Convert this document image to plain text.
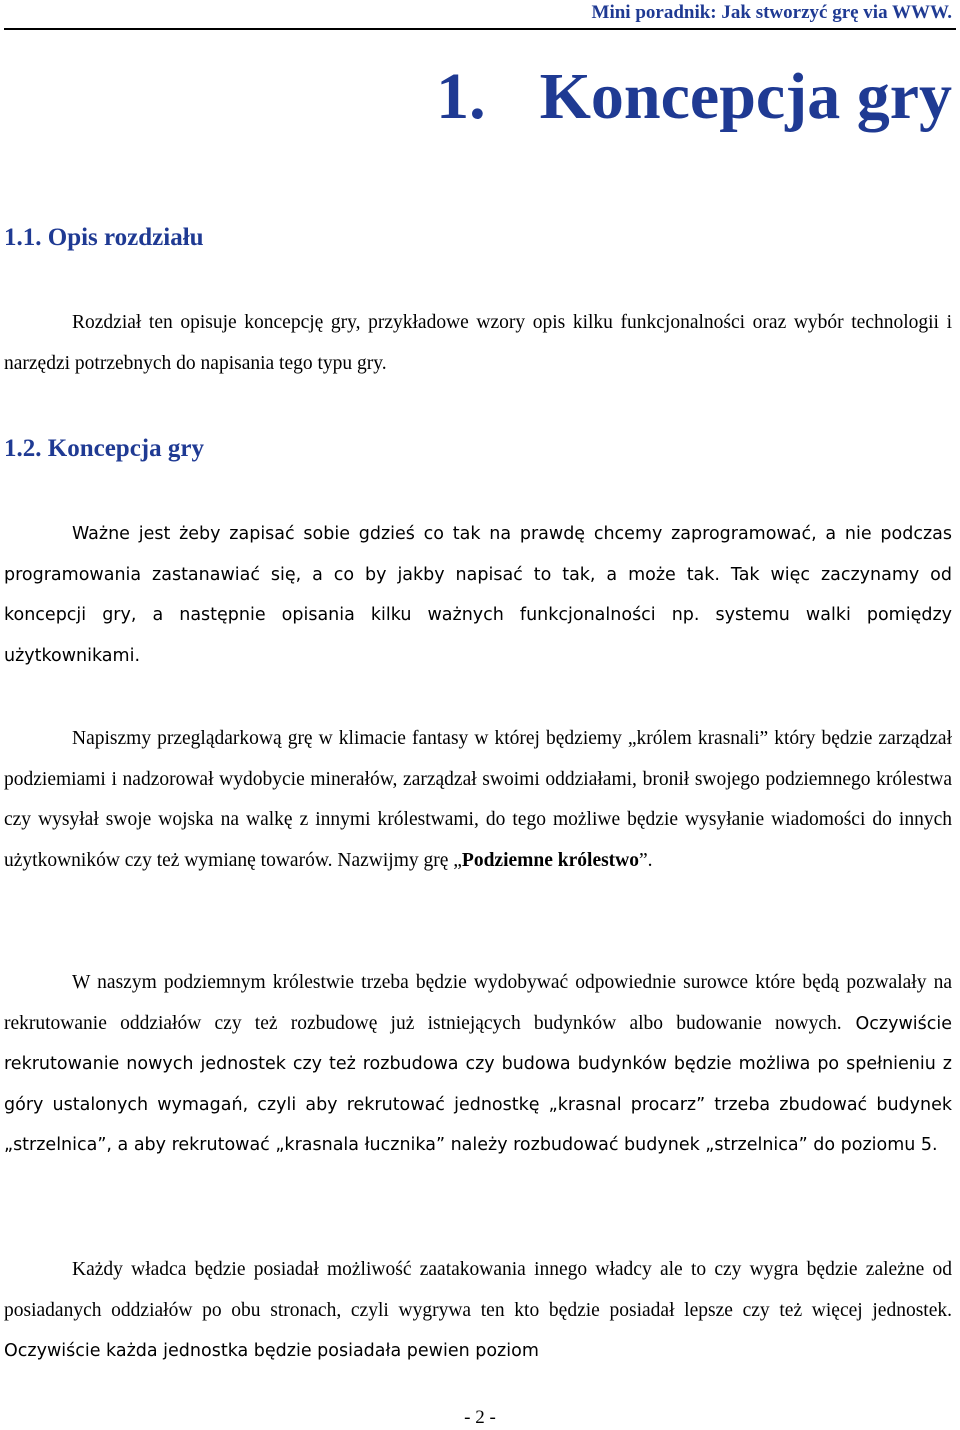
Mini poradnik: Jak stworzyć grę via WWW.
1. Koncepcja gry
1.1. Opis rozdziału

Rozdział ten opisuje koncepcję gry, przykładowe wzory opis kilku funkcjonalności oraz wybór technologii i narzędzi potrzebnych do napisania tego typu gry.

1.2. Koncepcja gry

Ważne jest żeby zapisać sobie gdzieś co tak na prawdę chcemy zaprogramować, a nie podczas programowania zastanawiać się, a co by jakby napisać to tak, a może tak. Tak więc zaczynamy od koncepcji gry, a następnie opisania kilku ważnych funkcjonalności np. systemu walki pomiędzy użytkownikami.

Napiszmy przeglądarkową grę w klimacie fantasy w której będziemy „królem krasnali” który będzie zarządzał podziemiami i nadzorował wydobycie minerałów, zarządzał swoimi oddziałami, bronił swojego podziemnego królestwa czy wysyłał swoje wojska na walkę z innymi królestwami, do tego możliwe będzie wysyłanie wiadomości do innych użytkowników czy też wymianę towarów. Nazwijmy grę „Podziemne królestwo”.

W naszym podziemnym królestwie trzeba będzie wydobywać odpowiednie surowce które będą pozwalały na rekrutowanie oddziałów czy też rozbudowę już istniejących budynków albo budowanie nowych. Oczywiście rekrutowanie nowych jednostek czy też rozbudowa czy budowa budynków będzie możliwa po spełnieniu z góry ustalonych wymagań, czyli aby rekrutować jednostkę „krasnal procarz” trzeba zbudować budynek „strzelnica”, a aby rekrutować „krasnala łucznika” należy rozbudować budynek „strzelnica” do poziomu 5.

Każdy władca będzie posiadał możliwość zaatakowania innego władcy ale to czy wygra będzie zależne od posiadanych oddziałów po obu stronach, czyli wygrywa ten kto będzie posiadał lepsze czy też więcej jednostek. Oczywiście każda jednostka będzie posiadała pewien poziom

- 2 -
